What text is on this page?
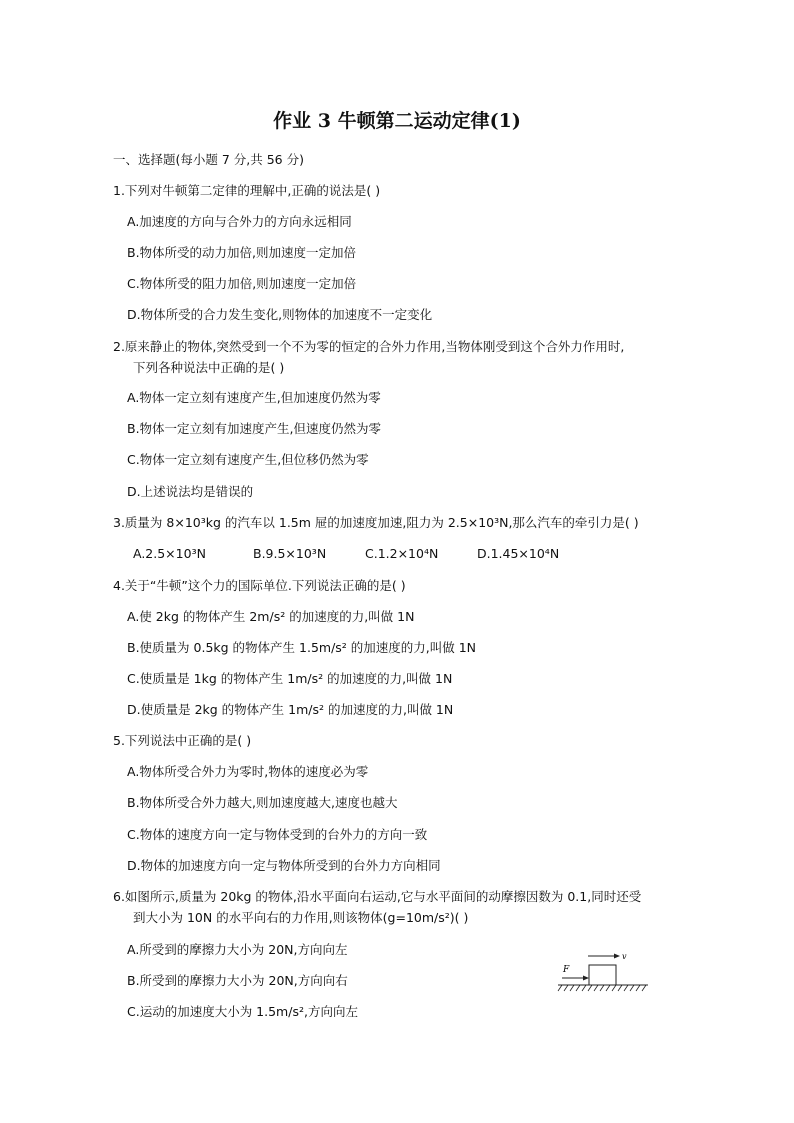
作业 3 牛顿第二运动定律(1)
一、选择题(每小题 7 分,共 56 分)
1.下列对牛顿第二定律的理解中,正确的说法是( )
A.加速度的方向与合外力的方向永远相同
B.物体所受的动力加倍,则加速度一定加倍
C.物体所受的阻力加倍,则加速度一定加倍
D.物体所受的合力发生变化,则物体的加速度不一定变化
2.原来静止的物体,突然受到一个不为零的恒定的合外力作用,当物体刚受到这个合外力作用时,
下列各种说法中正确的是( )
A.物体一定立刻有速度产生,但加速度仍然为零
B.物体一定立刻有加速度产生,但速度仍然为零
C.物体一定立刻有速度产生,但位移仍然为零
D.上述说法均是错误的
3.质量为 8×10³kg 的汽车以 1.5m 屉的加速度加速,阻力为 2.5×10³N,那么汽车的牵引力是( )
A.2.5×10³N	B.9.5×10³N	C.1.2×10⁴N	D.1.45×10⁴N
4.关于“牛顿”这个力的国际单位.下列说法正确的是( )
A.使 2kg 的物体产生 2m/s² 的加速度的力,叫做 1N
B.使质量为 0.5kg 的物体产生 1.5m/s² 的加速度的力,叫做 1N
C.使质量是 1kg 的物体产生 1m/s² 的加速度的力,叫做 1N
D.使质量是 2kg 的物体产生 1m/s² 的加速度的力,叫做 1N
5.下列说法中正确的是( )
A.物体所受合外力为零时,物体的速度必为零
B.物体所受合外力越大,则加速度越大,速度也越大
C.物体的速度方向一定与物体受到的台外力的方向一致
D.物体的加速度方向一定与物体所受到的台外力方向相同
6.如图所示,质量为 20kg 的物体,沿水平面向右运动,它与水平面间的动摩擦因数为 0.1,同时还受
到大小为 10N 的水平向右的力作用,则该物体(g=10m/s²)( )
A.所受到的摩擦力大小为 20N,方向向左
B.所受到的摩擦力大小为 20N,方向向右
C.运动的加速度大小为 1.5m/s²,方向向左
v
F
